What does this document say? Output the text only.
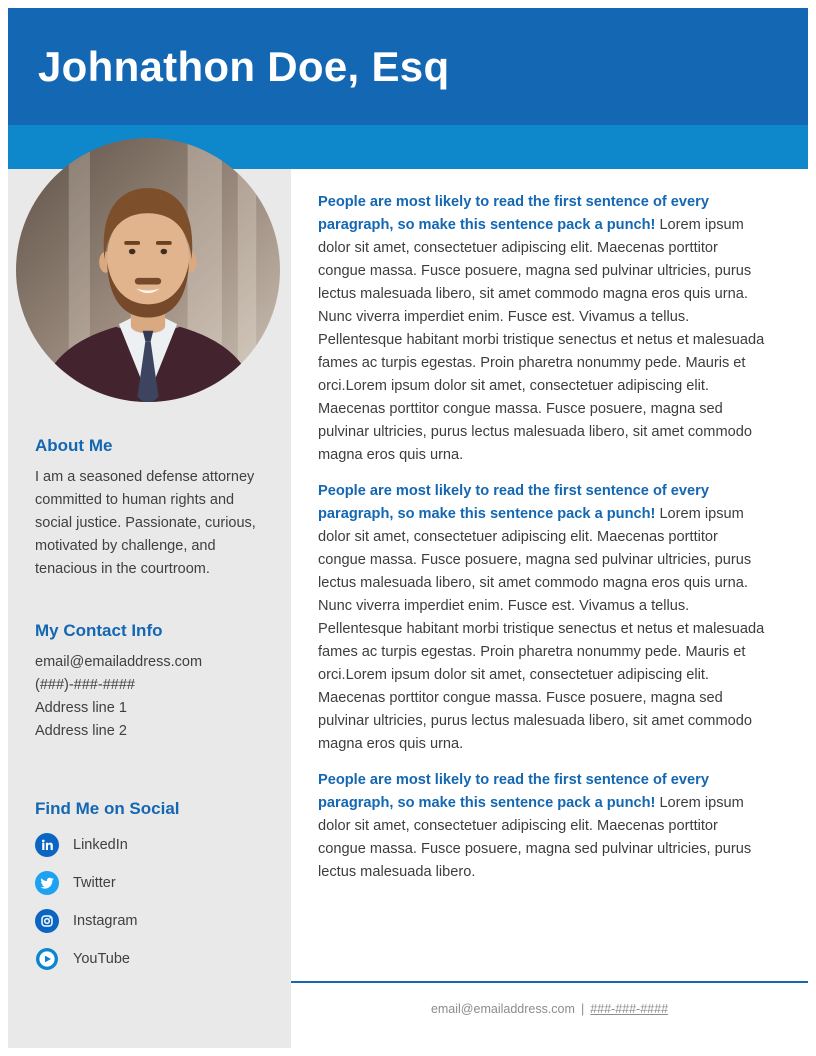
Johnathon Doe, Esq
About Me
I am a seasoned defense attorney committed to human rights and social justice. Passionate, curious, motivated by challenge, and tenacious in the courtroom.
My Contact Info
email@emailaddress.com
(###)-###-####
Address line 1
Address line 2
Find Me on Social
LinkedIn
Twitter
Instagram
YouTube

People are most likely to read the first sentence of every paragraph, so make this sentence pack a punch! Lorem ipsum dolor sit amet, consectetuer adipiscing elit. Maecenas porttitor congue massa. Fusce posuere, magna sed pulvinar ultricies, purus lectus malesuada libero, sit amet commodo magna eros quis urna. Nunc viverra imperdiet enim. Fusce est. Vivamus a tellus. Pellentesque habitant morbi tristique senectus et netus et malesuada fames ac turpis egestas. Proin pharetra nonummy pede. Mauris et orci.Lorem ipsum dolor sit amet, consectetuer adipiscing elit. Maecenas porttitor congue massa. Fusce posuere, magna sed pulvinar ultricies, purus lectus malesuada libero, sit amet commodo magna eros quis urna.

People are most likely to read the first sentence of every paragraph, so make this sentence pack a punch! Lorem ipsum dolor sit amet, consectetuer adipiscing elit. Maecenas porttitor congue massa. Fusce posuere, magna sed pulvinar ultricies, purus lectus malesuada libero, sit amet commodo magna eros quis urna. Nunc viverra imperdiet enim. Fusce est. Vivamus a tellus. Pellentesque habitant morbi tristique senectus et netus et malesuada fames ac turpis egestas. Proin pharetra nonummy pede. Mauris et orci.Lorem ipsum dolor sit amet, consectetuer adipiscing elit. Maecenas porttitor congue massa. Fusce posuere, magna sed pulvinar ultricies, purus lectus malesuada libero, sit amet commodo magna eros quis urna.

People are most likely to read the first sentence of every paragraph, so make this sentence pack a punch! Lorem ipsum dolor sit amet, consectetuer adipiscing elit. Maecenas porttitor congue massa. Fusce posuere, magna sed pulvinar ultricies, purus lectus malesuada libero.

email@emailaddress.com | ###-###-####
